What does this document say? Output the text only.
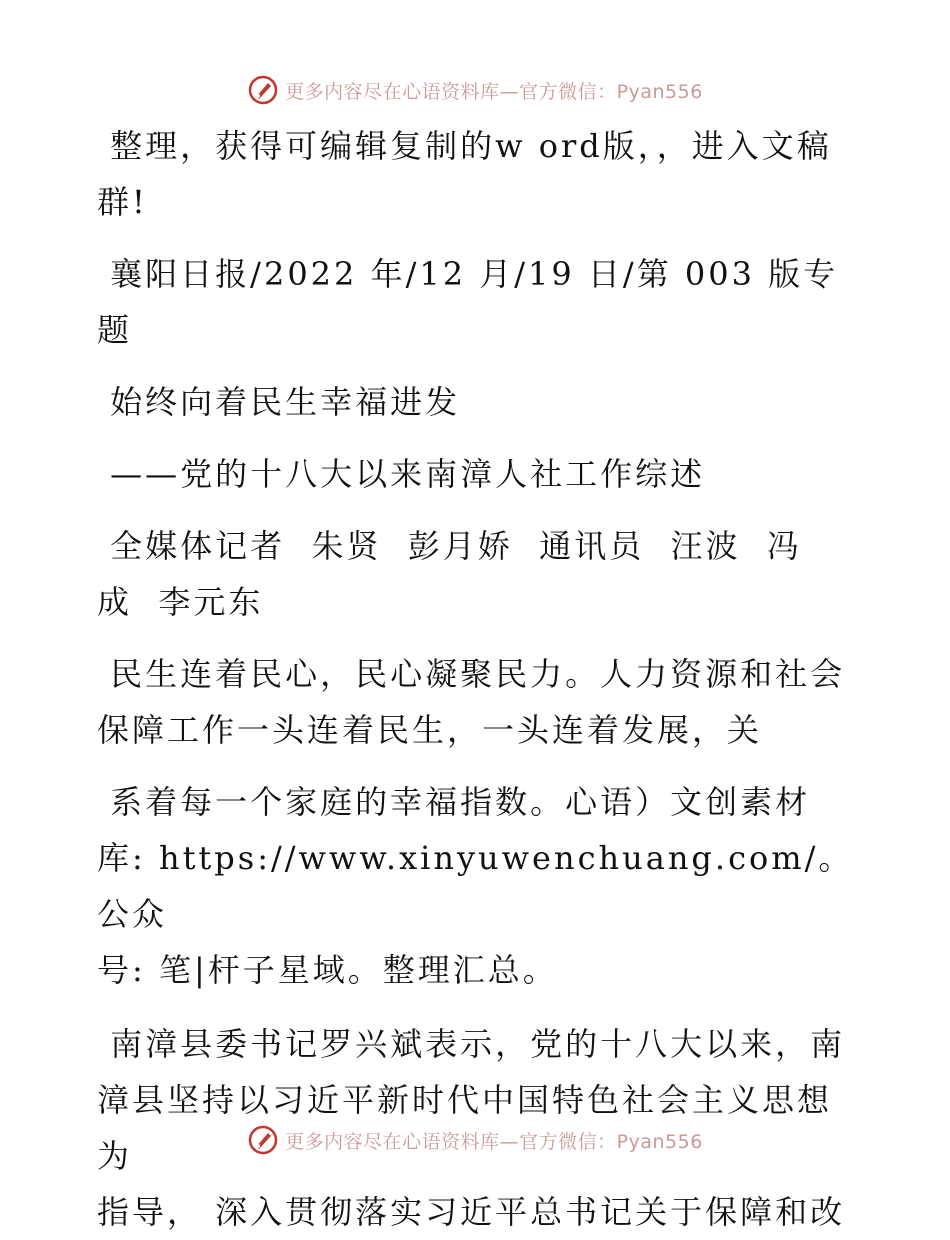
更多内容尽在心语资料库—官方微信：Pyan556

整理，获得可编辑复制的w ord版，，进入文稿

群!

襄阳日报/2022 年/12 月/19 日/第 003 版专题

始终向着民生幸福进发

——党的十八大以来南漳人社工作综述

全媒体记者  朱贤  彭月娇  通讯员  汪波  冯

成  李元东

民生连着民心，民心凝聚民力。人力资源和社会

保障工作一头连着民生，一头连着发展，关

系着每一个家庭的幸福指数。心语）文创素材

库: https://www.xinyuwenchuang.com/。公众

号: 笔|杆子星域。整理汇总。

南漳县委书记罗兴斌表示，党的十八大以来，南

漳县坚持以习近平新时代中国特色社会主义思想为

指导， 深入贯彻落实习近平总书记关于保障和改

更多内容尽在心语资料库—官方微信：Pyan556
